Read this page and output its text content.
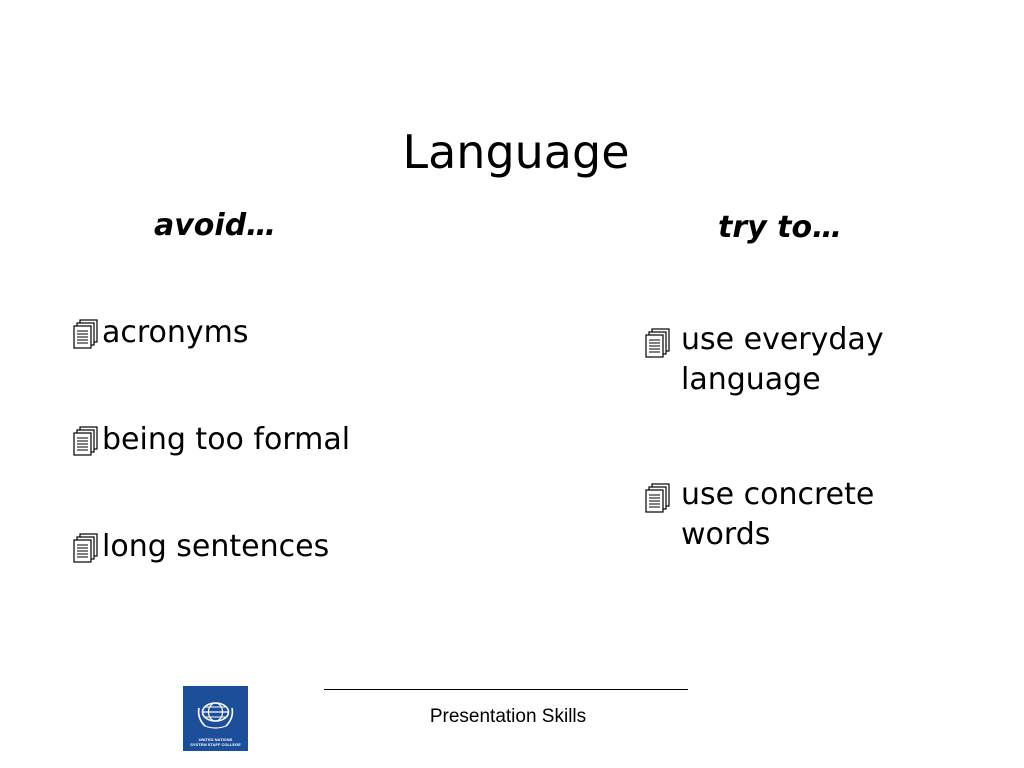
Language
avoid…	try to…
acronyms
being too formal
long sentences
use everyday
language
use concrete
words
UNITED NATIONS
SYSTEM STAFF COLLEGE
Presentation Skills
